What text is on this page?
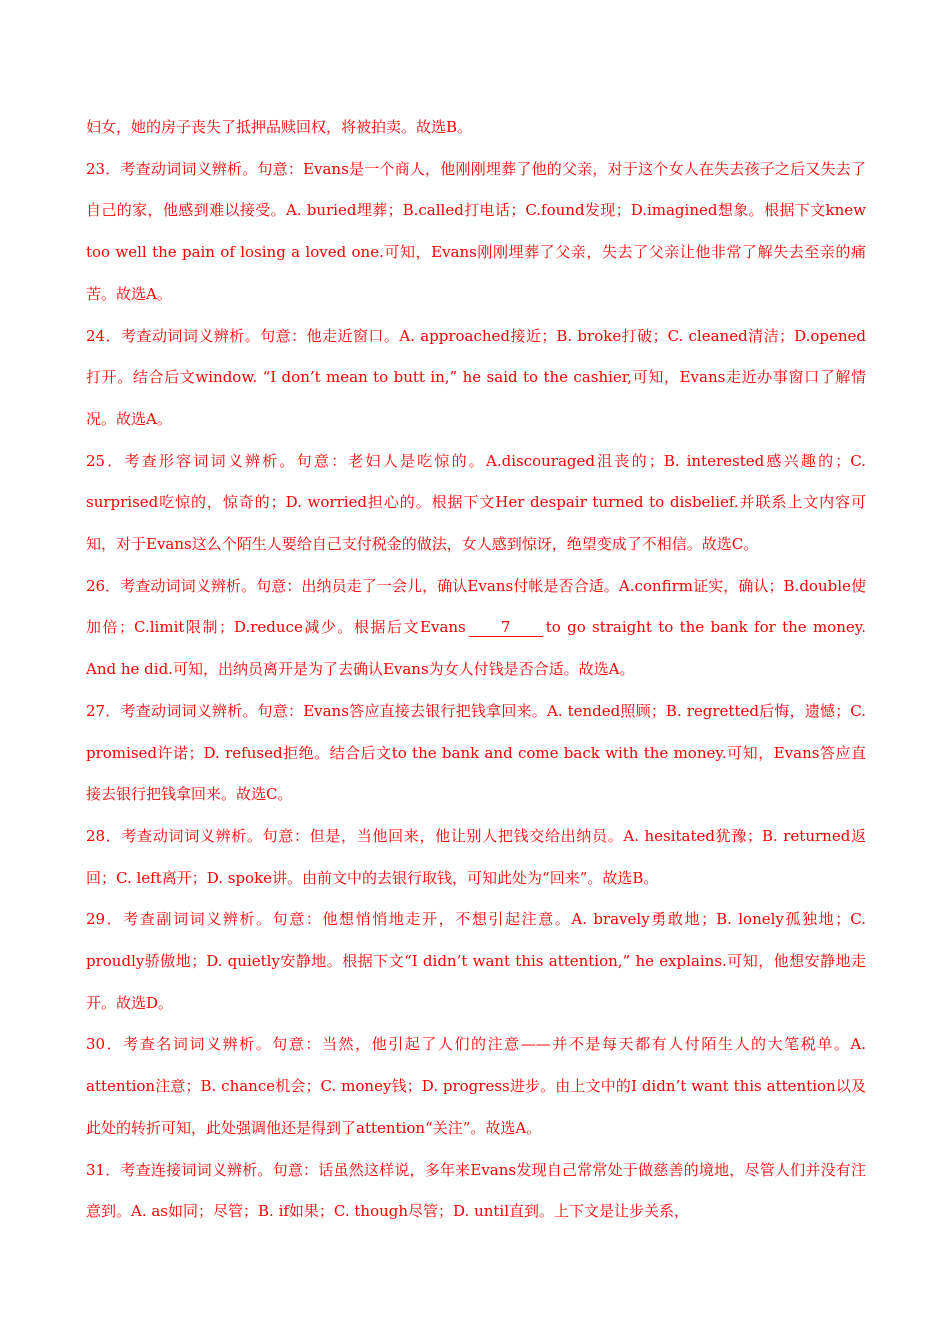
妇女，她的房子丧失了抵押品赎回权，将被拍卖。故选B。

23．考查动词词义辨析。句意：Evans是一个商人，他刚刚埋葬了他的父亲，对于这个女人在失去孩子之后又失去了自己的家，他感到难以接受。A. buried埋葬；B.called打电话；C.found发现；D.imagined想象。根据下文knew too well the pain of losing a loved one.可知，Evans刚刚埋葬了父亲，失去了父亲让他非常了解失去至亲的痛苦。故选A。

24．考查动词词义辨析。句意：他走近窗口。A. approached接近；B. broke打破；C. cleaned清洁；D.opened打开。结合后文window. “I don’t mean to butt in,” he said to the cashier,可知，Evans走近办事窗口了解情况。故选A。

25．考查形容词词义辨析。句意：老妇人是吃惊的。A.discouraged沮丧的；B. interested感兴趣的；C. surprised吃惊的，惊奇的；D. worried担心的。根据下文Her despair turned to disbelief.并联系上文内容可知，对于Evans这么个陌生人要给自己支付税金的做法，女人感到惊讶，绝望变成了不相信。故选C。

26．考查动词词义辨析。句意：出纳员走了一会儿，确认Evans付帐是否合适。A.confirm证实，确认；B.double使加倍；C.limit限制；D.reduce减少。根据后文Evans 7 to go straight to the bank for the money. And he did.可知，出纳员离开是为了去确认Evans为女人付钱是否合适。故选A。

27．考查动词词义辨析。句意：Evans答应直接去银行把钱拿回来。A. tended照顾；B. regretted后悔，遗憾；C. promised许诺；D. refused拒绝。结合后文to the bank and come back with the money.可知，Evans答应直接去银行把钱拿回来。故选C。

28．考查动词词义辨析。句意：但是，当他回来，他让别人把钱交给出纳员。A. hesitated犹豫；B. returned返回；C. left离开；D. spoke讲。由前文中的去银行取钱，可知此处为“回来”。故选B。

29．考查副词词义辨析。句意：他想悄悄地走开，不想引起注意。A. bravely勇敢地；B. lonely孤独地；C. proudly骄傲地；D. quietly安静地。根据下文“I didn’t want this attention,” he explains.可知，他想安静地走开。故选D。

30．考查名词词义辨析。句意：当然，他引起了人们的注意——并不是每天都有人付陌生人的大笔税单。A. attention注意；B. chance机会；C. money钱；D. progress进步。由上文中的I didn’t want this attention以及此处的转折可知，此处强调他还是得到了attention“关注”。故选A。

31．考查连接词词义辨析。句意：话虽然这样说，多年来Evans发现自己常常处于做慈善的境地，尽管人们并没有注意到。A. as如同；尽管；B. if如果；C. though尽管；D. until直到。上下文是让步关系，
